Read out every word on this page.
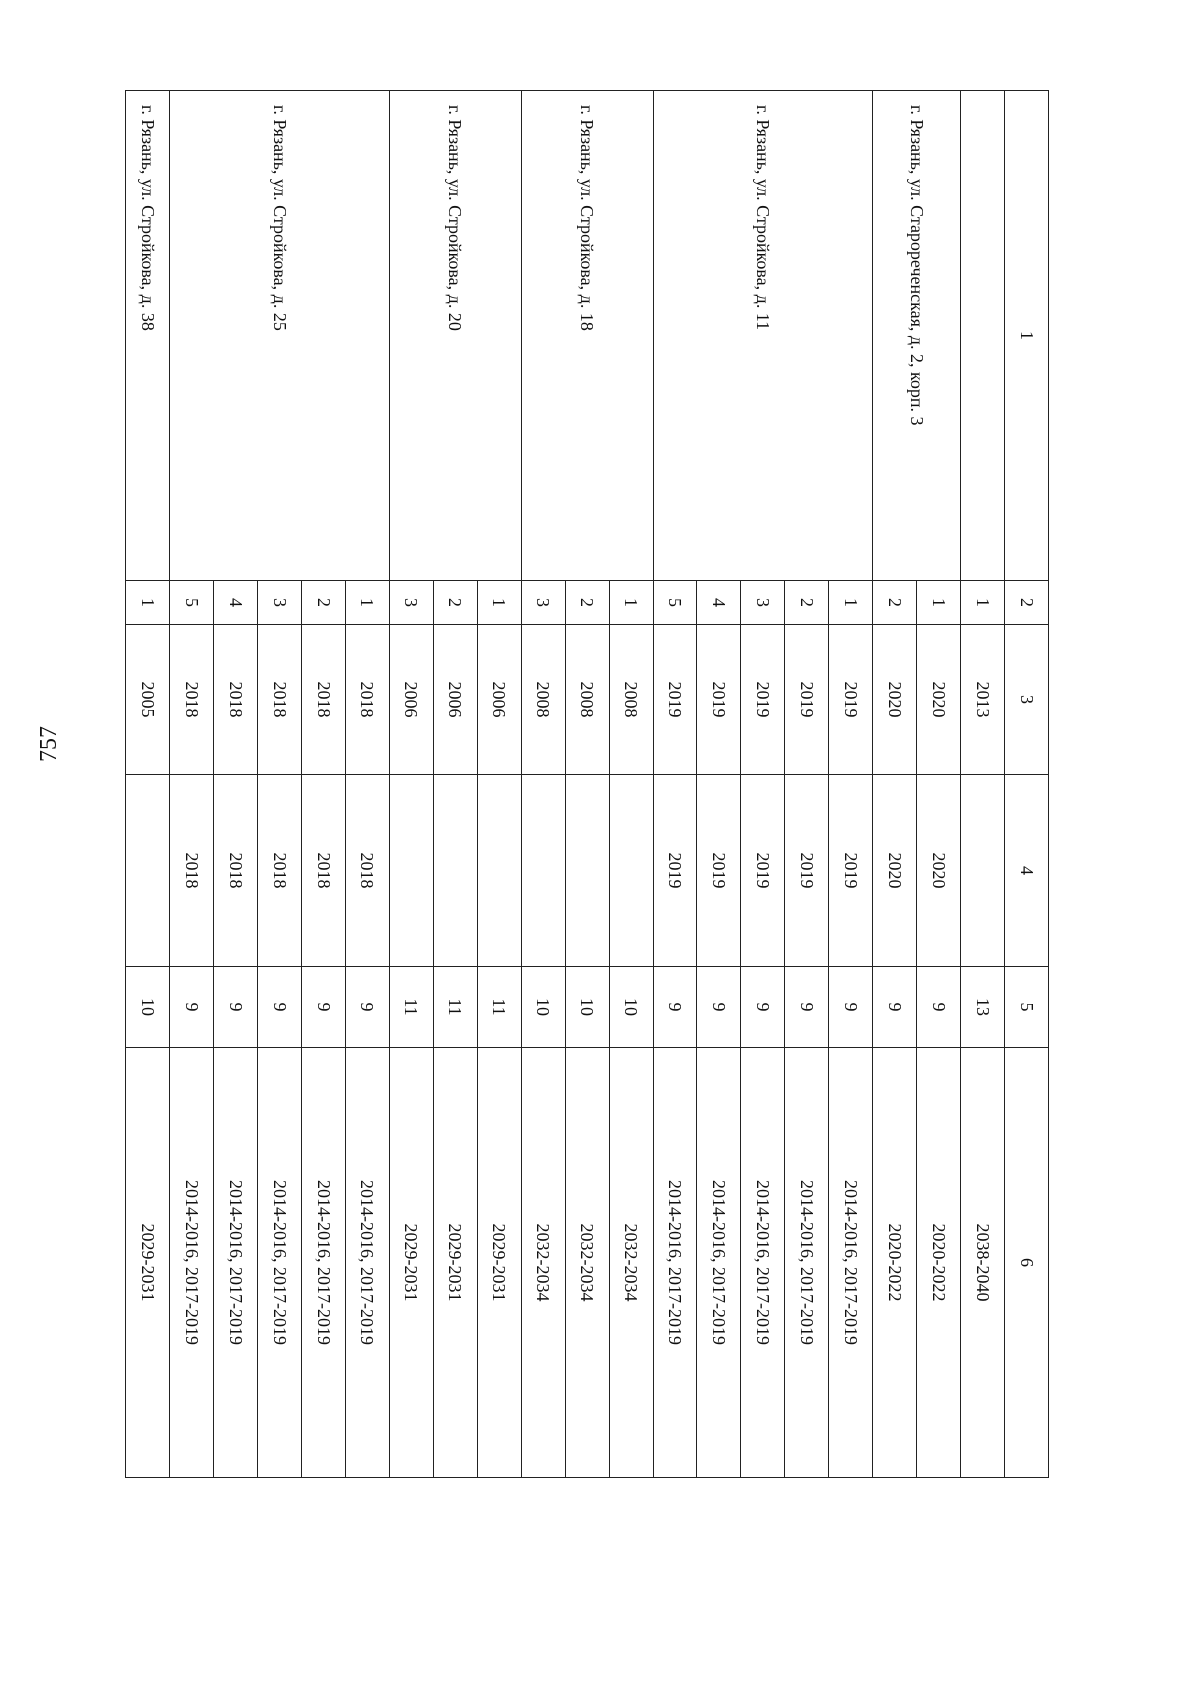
757
1	2	3	4	5	6
	1	2013		13	2038-2040
г. Рязань, ул. Старореченская, д. 2, корп. 3	1	2020	2020	9	2020-2022
	2	2020	2020	9	2020-2022
г. Рязань, ул. Стройкова, д. 11	1	2019	2019	9	2014-2016, 2017-2019
	2	2019	2019	9	2014-2016, 2017-2019
	3	2019	2019	9	2014-2016, 2017-2019
	4	2019	2019	9	2014-2016, 2017-2019
	5	2019	2019	9	2014-2016, 2017-2019
г. Рязань, ул. Стройкова, д. 18	1	2008		10	2032-2034
	2	2008		10	2032-2034
	3	2008		10	2032-2034
г. Рязань, ул. Стройкова, д. 20	1	2006		11	2029-2031
	2	2006		11	2029-2031
	3	2006		11	2029-2031
г. Рязань, ул. Стройкова, д. 25	1	2018	2018	9	2014-2016, 2017-2019
	2	2018	2018	9	2014-2016, 2017-2019
	3	2018	2018	9	2014-2016, 2017-2019
	4	2018	2018	9	2014-2016, 2017-2019
	5	2018	2018	9	2014-2016, 2017-2019
г. Рязань, ул. Стройкова, д. 38	1	2005		10	2029-2031
